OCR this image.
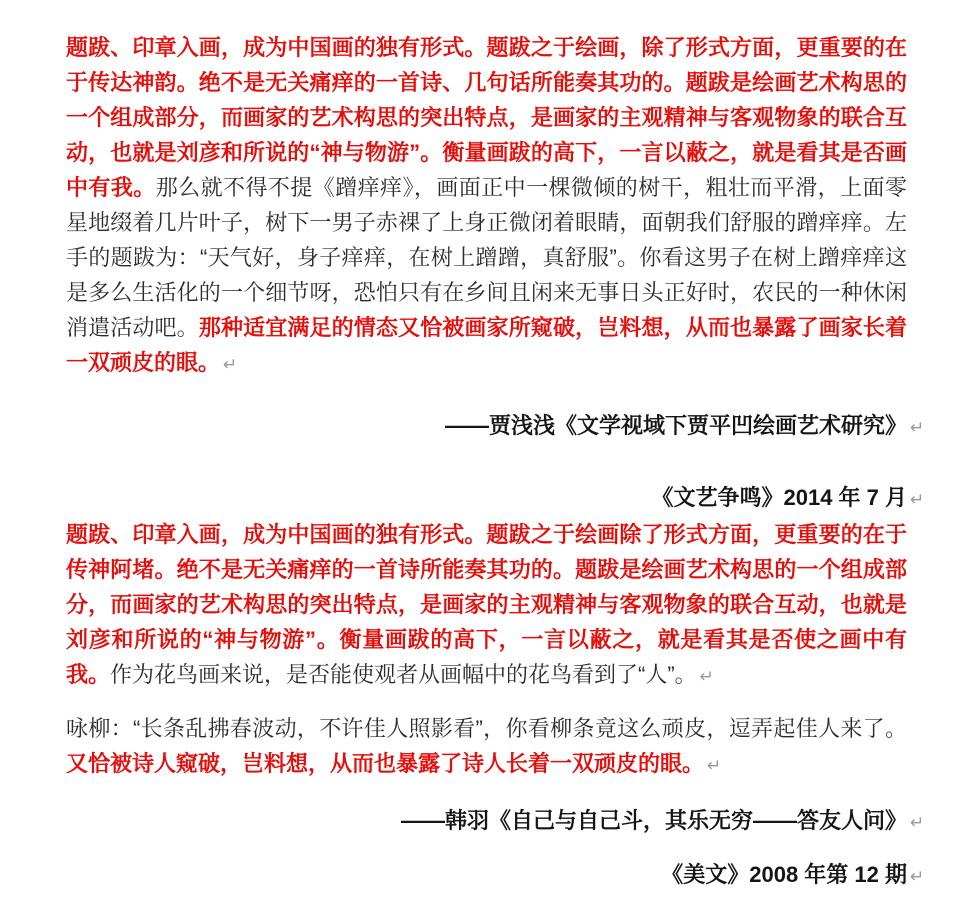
题跋、印章入画，成为中国画的独有形式。题跋之于绘画，除了形式方面，更重要的在于传达神韵。绝不是无关痛痒的一首诗、几句话所能奏其功的。题跋是绘画艺术构思的一个组成部分，而画家的艺术构思的突出特点，是画家的主观精神与客观物象的联合互动，也就是刘彦和所说的“神与物游”。衡量画跋的高下，一言以蔽之，就是看其是否画中有我。那么就不得不提《蹭痒痒》，画面正中一棵微倾的树干，粗壮而平滑，上面零星地缀着几片叶子，树下一男子赤裸了上身正微闭着眼睛，面朝我们舒服的蹭痒痒。左手的题跋为：“天气好，身子痒痒，在树上蹭蹭，真舒服”。你看这男子在树上蹭痒痒这是多么生活化的一个细节呀，恐怕只有在乡间且闲来无事日头正好时，农民的一种休闲消遣活动吧。那种适宜满足的情态又恰被画家所窥破，岂料想，从而也暴露了画家长着一双顽皮的眼。 ↵

——贾浅浅《文学视域下贾平凹绘画艺术研究》 ↵

《文艺争鸣》2014 年 7 月 ↵

题跋、印章入画，成为中国画的独有形式。题跋之于绘画除了形式方面，更重要的在于传神阿堵。绝不是无关痛痒的一首诗所能奏其功的。题跋是绘画艺术构思的一个组成部分，而画家的艺术构思的突出特点，是画家的主观精神与客观物象的联合互动，也就是刘彦和所说的“神与物游”。衡量画跋的高下，一言以蔽之，就是看其是否使之画中有我。作为花鸟画来说，是否能使观者从画幅中的花鸟看到了“人”。 ↵

咏柳：“长条乱拂春波动，不许佳人照影看”，你看柳条竟这么顽皮，逗弄起佳人来了。又恰被诗人窥破，岂料想，从而也暴露了诗人长着一双顽皮的眼。 ↵

——韩羽《自己与自己斗，其乐无穷——答友人问》 ↵

《美文》2008 年第 12 期 ↵
